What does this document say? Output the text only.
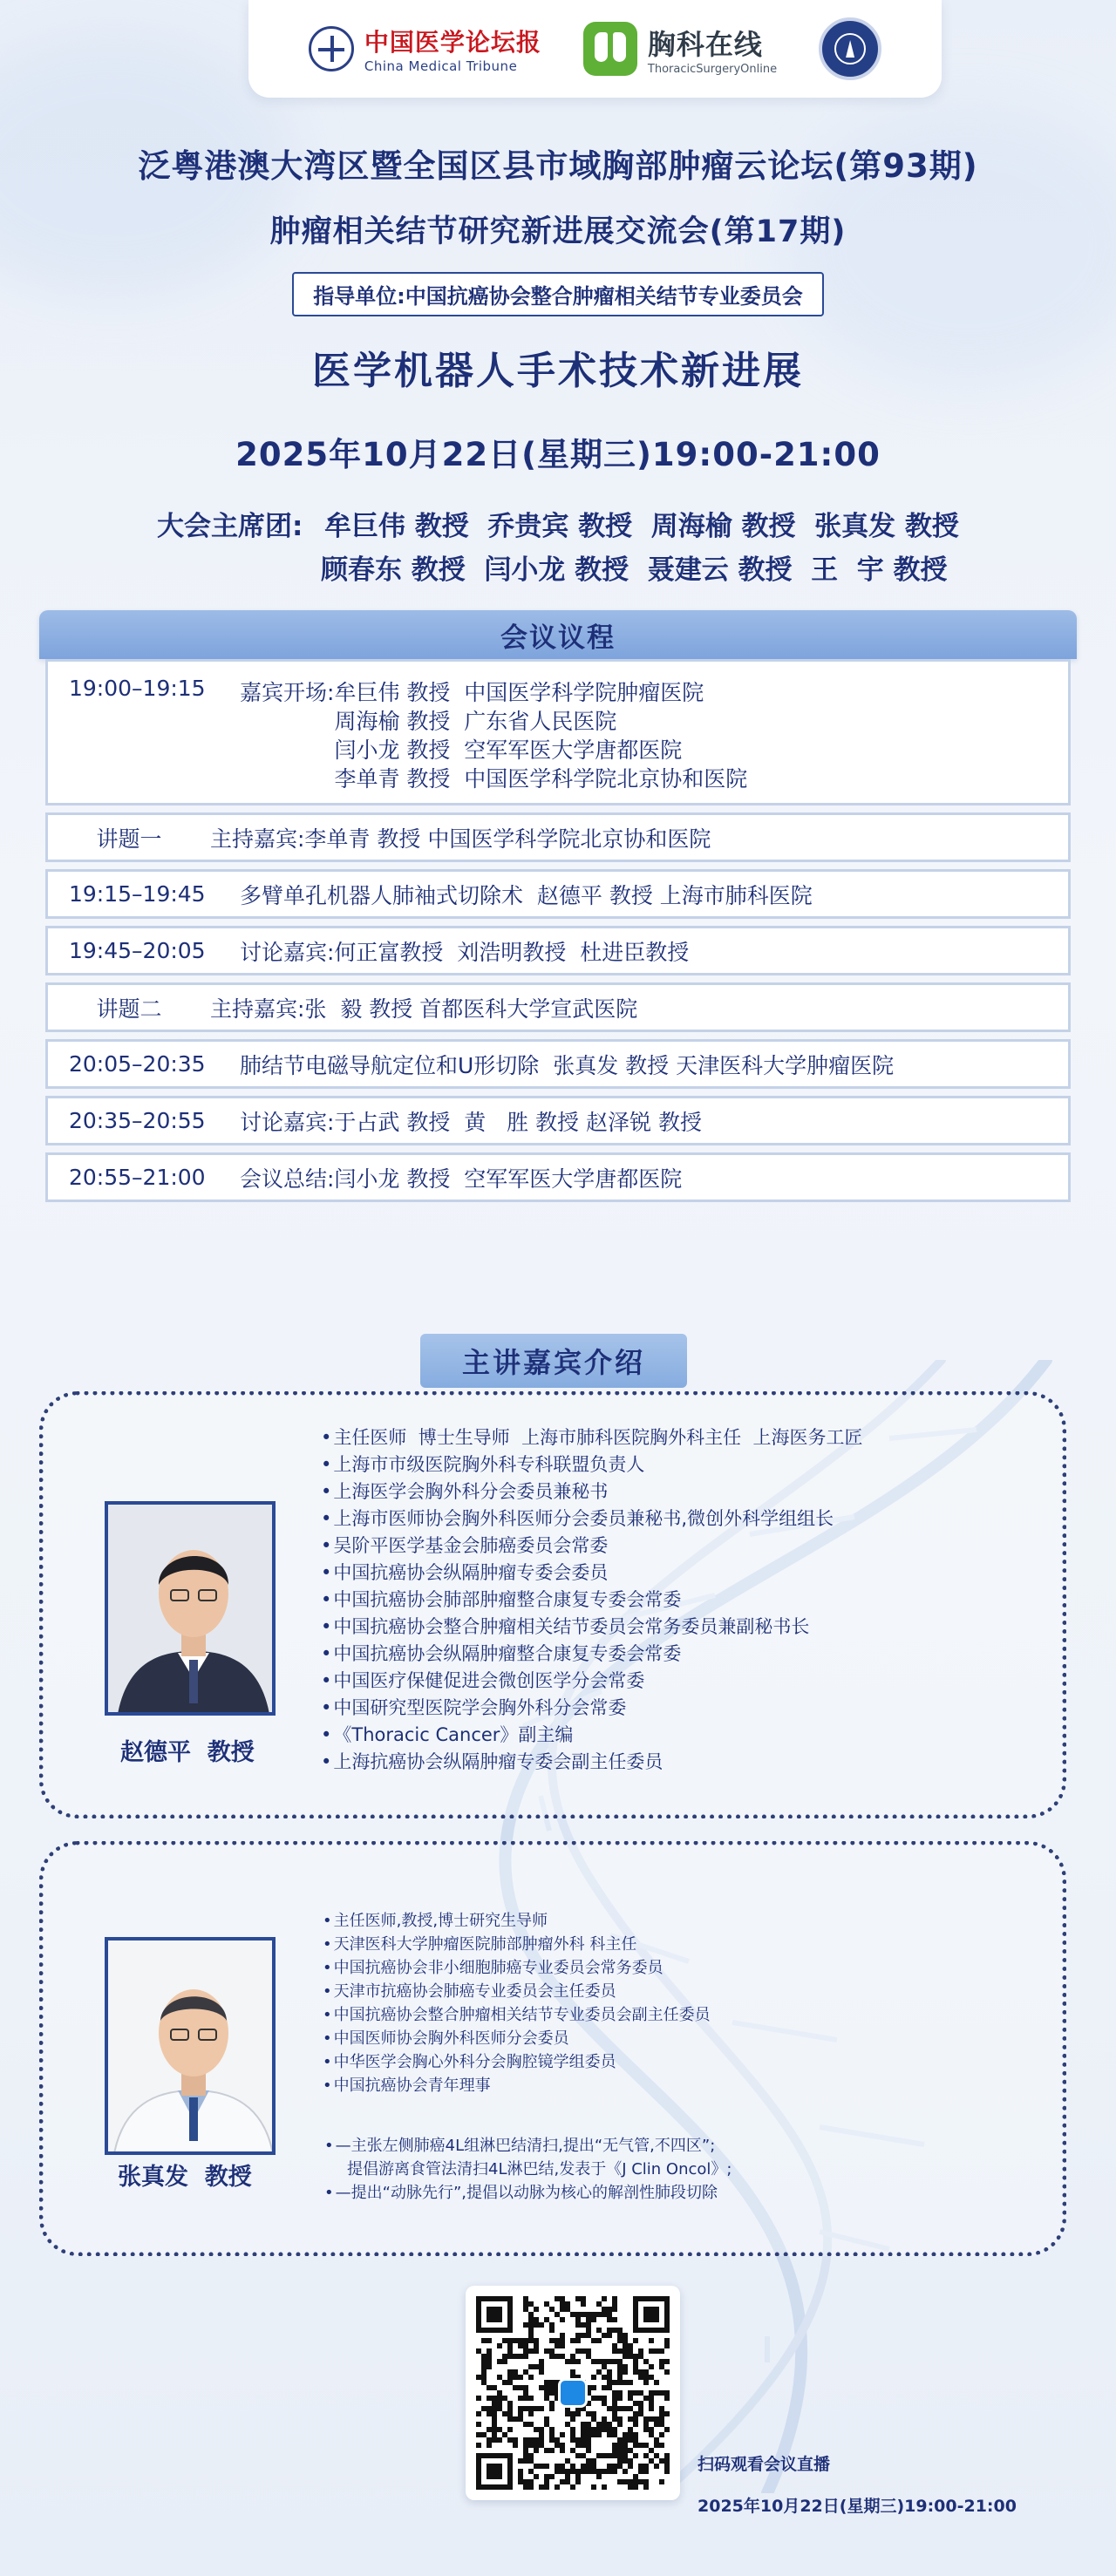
中国医学论坛报
China Medical Tribune
胸科在线
ThoracicSurgeryOnline
泛粤港澳大湾区暨全国区县市域胸部肿瘤云论坛(第93期)
肿瘤相关结节研究新进展交流会(第17期)
指导单位:中国抗癌协会整合肿瘤相关结节专业委员会
医学机器人手术技术新进展
2025年10月22日(星期三)19:00-21:00
大会主席团: 牟巨伟 教授  乔贵宾 教授  周海榆 教授  张真发 教授
顾春东 教授  闫小龙 教授  聂建云 教授  王  宇 教授
会议议程
19:00–19:15	嘉宾开场: 牟巨伟 教授  中国医学科学院肿瘤医院
周海榆 教授  广东省人民医院
闫小龙 教授  空军军医大学唐都医院
李单青 教授  中国医学科学院北京协和医院
讲题一	主持嘉宾:李单青 教授 中国医学科学院北京协和医院
19:15–19:45	多臂单孔机器人肺袖式切除术  赵德平 教授 上海市肺科医院
19:45–20:05	讨论嘉宾:何正富教授  刘浩明教授  杜进臣教授
讲题二	主持嘉宾:张  毅 教授 首都医科大学宣武医院
20:05–20:35	肺结节电磁导航定位和U形切除  张真发 教授 天津医科大学肿瘤医院
20:35–20:55	讨论嘉宾:于占武 教授  黄   胜 教授 赵泽锐 教授
20:55–21:00	会议总结:闫小龙 教授  空军军医大学唐都医院
主讲嘉宾介绍
赵德平  教授
• 主任医师  博士生导师  上海市肺科医院胸外科主任  上海医务工匠
• 上海市市级医院胸外科专科联盟负责人
• 上海医学会胸外科分会委员兼秘书
• 上海市医师协会胸外科医师分会委员兼秘书,微创外科学组组长
• 吴阶平医学基金会肺癌委员会常委
• 中国抗癌协会纵隔肿瘤专委会委员
• 中国抗癌协会肺部肿瘤整合康复专委会常委
• 中国抗癌协会整合肿瘤相关结节委员会常务委员兼副秘书长
• 中国抗癌协会纵隔肿瘤整合康复专委会常委
• 中国医疗保健促进会微创医学分会常委
• 中国研究型医院学会胸外科分会常委
• 《Thoracic Cancer》副主编
• 上海抗癌协会纵隔肿瘤专委会副主任委员
张真发  教授
• 主任医师,教授,博士研究生导师
• 天津医科大学肿瘤医院肺部肿瘤外科 科主任
• 中国抗癌协会非小细胞肺癌专业委员会常务委员
• 天津市抗癌协会肺癌专业委员会主任委员
• 中国抗癌协会整合肿瘤相关结节专业委员会副主任委员
• 中国医师协会胸外科医师分会委员
• 中华医学会胸心外科分会胸腔镜学组委员
• 中国抗癌协会青年理事
• —主张左侧肺癌4L组淋巴结清扫,提出“无气管,不四区”;
提倡游离食管法清扫4L淋巴结,发表于《J Clin Oncol》;
• —提出“动脉先行”,提倡以动脉为核心的解剖性肺段切除
扫码观看会议直播
2025年10月22日(星期三)19:00-21:00
